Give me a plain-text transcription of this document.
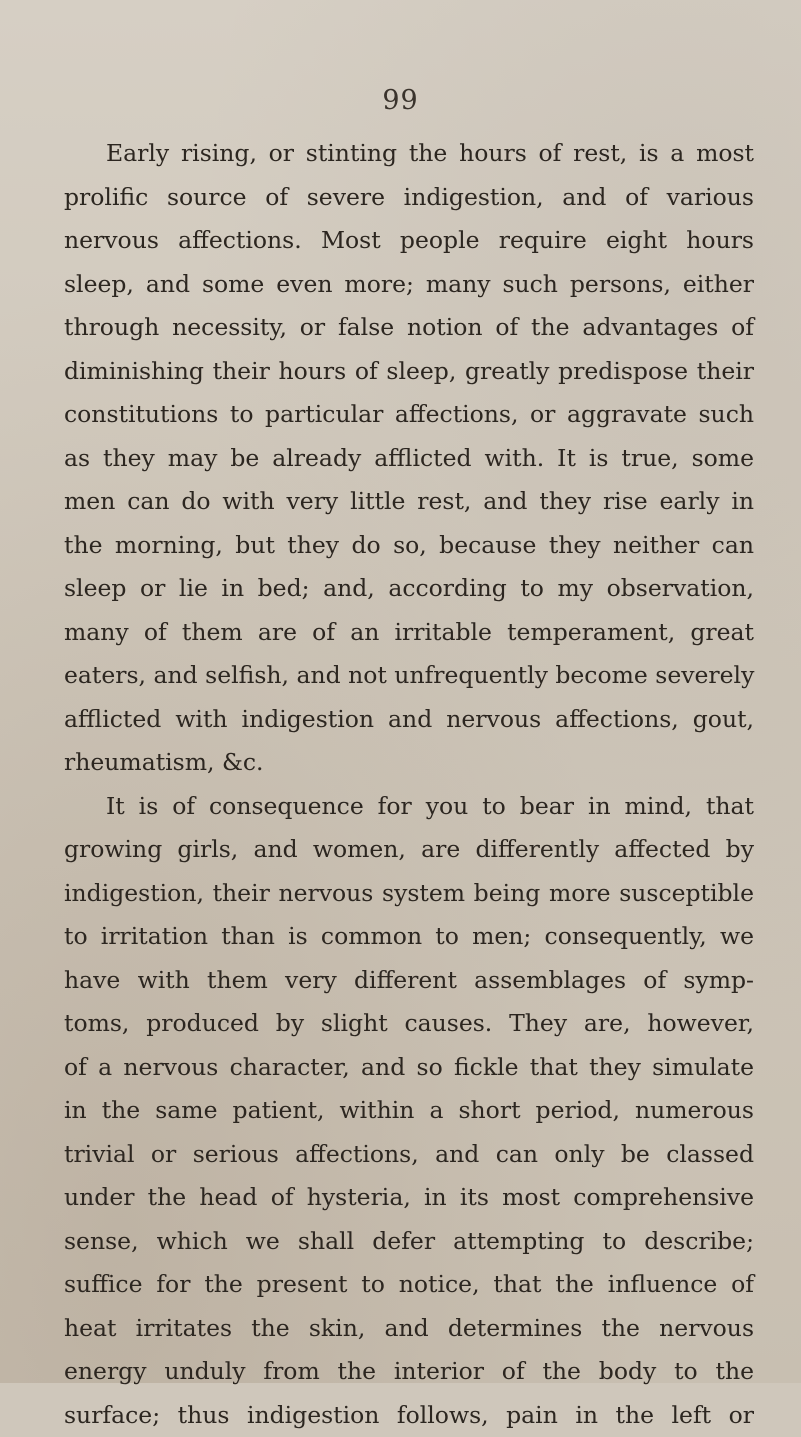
99
Early rising, or stinting the hours of rest, is a most
prolific source of severe indigestion, and of various
nervous affections. Most people require eight hours
sleep, and some even more; many such persons, either
through necessity, or false notion of the advantages of
diminishing their hours of sleep, greatly predispose their
constitutions to particular affections, or aggravate such
as they may be already afflicted with. It is true, some
men can do with very little rest, and they rise early in
the morning, but they do so, because they neither can
sleep or lie in bed; and, according to my observation,
many of them are of an irritable temperament, great
eaters, and selfish, and not unfrequently become severely
afflicted with indigestion and nervous affections, gout,
rheumatism, &c.
It is of consequence for you to bear in mind, that
growing girls, and women, are differently affected by
indigestion, their nervous system being more susceptible
to irritation than is common to men; consequently, we
have with them very different assemblages of symp-
toms, produced by slight causes. They are, however,
of a nervous character, and so fickle that they simulate
in the same patient, within a short period, numerous
trivial or serious affections, and can only be classed
under the head of hysteria, in its most comprehensive
sense, which we shall defer attempting to describe;
suffice for the present to notice, that the influence of
heat irritates the skin, and determines the nervous
energy unduly from the interior of the body to the
surface; thus indigestion follows, pain in the left or
